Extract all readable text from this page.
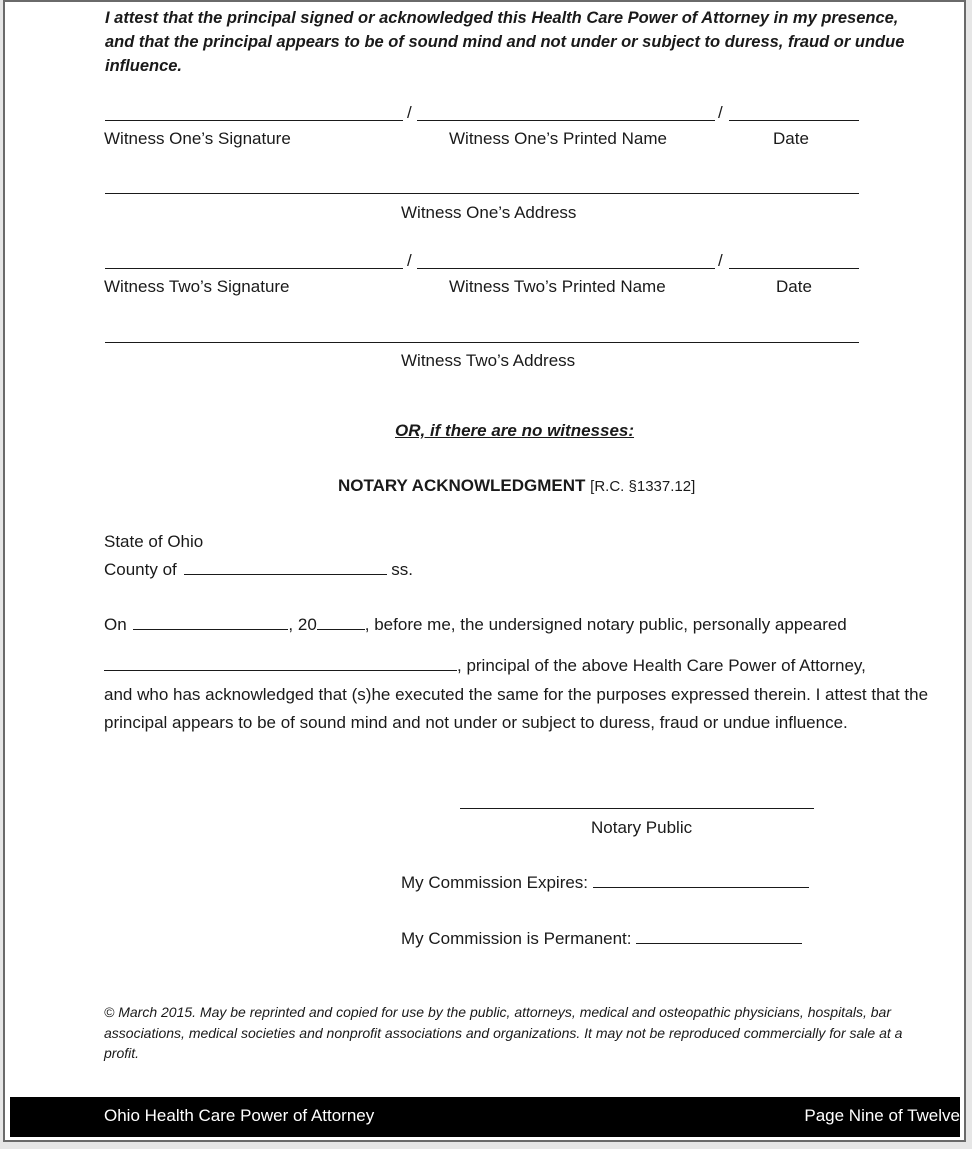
I attest that the principal signed or acknowledged this Health Care Power of Attorney in my presence, and that the principal appears to be of sound mind and not under or subject to duress, fraud or undue influence.
/	/
Witness One’s Signature	Witness One’s Printed Name	Date
Witness One’s Address
/	/
Witness Two’s Signature	Witness Two’s Printed Name	Date
Witness Two’s Address
OR, if there are no witnesses:
NOTARY ACKNOWLEDGMENT [R.C. §1337.12]
State of Ohio
County of	ss.
On	, 20	, before me, the undersigned notary public, personally appeared
, principal of the above Health Care Power of Attorney,
and who has acknowledged that (s)he executed the same for the purposes expressed therein. I attest that the principal appears to be of sound mind and not under or subject to duress, fraud or undue influence.
Notary Public
My Commission Expires:
My Commission is Permanent:
© March 2015. May be reprinted and copied for use by the public, attorneys, medical and osteopathic physicians, hospitals, bar associations, medical societies and nonprofit associations and organizations. It may not be reproduced commercially for sale at a profit.
Ohio Health Care Power of Attorney	Page Nine of Twelve
